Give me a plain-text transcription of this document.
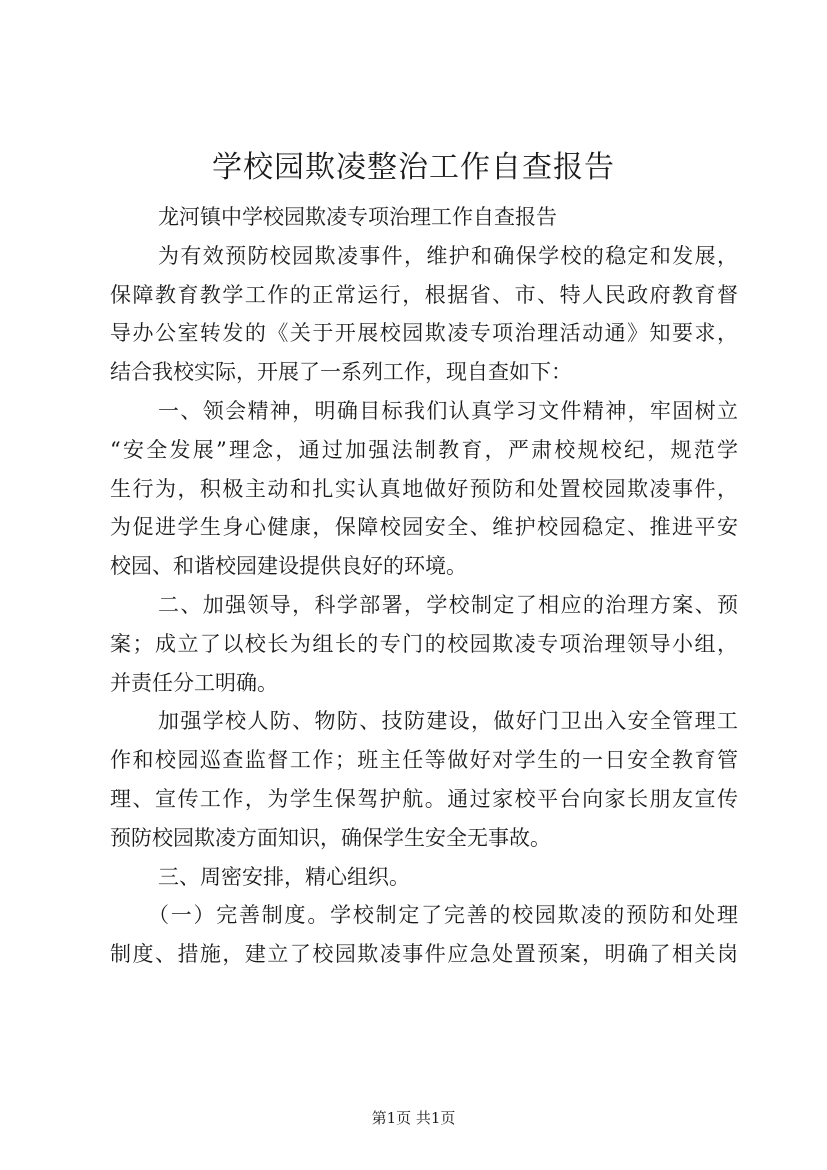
学校园欺凌整治工作自查报告
龙河镇中学校园欺凌专项治理工作自查报告
为有效预防校园欺凌事件，维护和确保学校的稳定和发展，
保障教育教学工作的正常运行，根据省、市、特人民政府教育督
导办公室转发的《关于开展校园欺凌专项治理活动通》知要求，
结合我校实际，开展了一系列工作，现自查如下：
一、领会精神，明确目标我们认真学习文件精神，牢固树立
“安全发展”理念，通过加强法制教育，严肃校规校纪，规范学
生行为，积极主动和扎实认真地做好预防和处置校园欺凌事件，
为促进学生身心健康，保障校园安全、维护校园稳定、推进平安
校园、和谐校园建设提供良好的环境。
二、加强领导，科学部署，学校制定了相应的治理方案、预
案；成立了以校长为组长的专门的校园欺凌专项治理领导小组，
并责任分工明确。
加强学校人防、物防、技防建设，做好门卫出入安全管理工
作和校园巡查监督工作；班主任等做好对学生的一日安全教育管
理、宣传工作，为学生保驾护航。通过家校平台向家长朋友宣传
预防校园欺凌方面知识，确保学生安全无事故。
三、周密安排，精心组织。
（一）完善制度。学校制定了完善的校园欺凌的预防和处理
制度、措施，建立了校园欺凌事件应急处置预案，明确了相关岗
第1页 共1页
